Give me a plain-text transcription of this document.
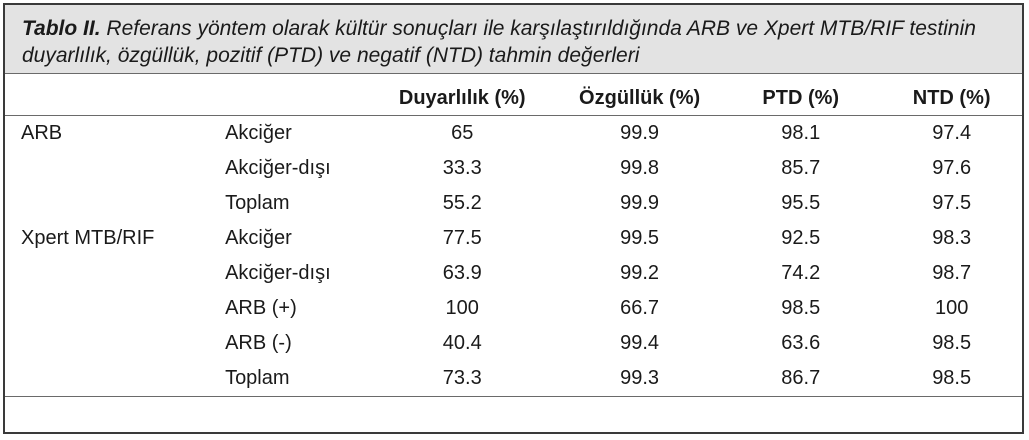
Tablo II. Referans yöntem olarak kültür sonuçları ile karşılaştırıldığında ARB ve Xpert MTB/RIF testinin duyarlılık, özgüllük, pozitif (PTD) ve negatif (NTD) tahmin değerleri
		Duyarlılık (%)	Özgüllük (%)	PTD (%)	NTD (%)
ARB	Akciğer	65	99.9	98.1	97.4
	Akciğer-dışı	33.3	99.8	85.7	97.6
	Toplam	55.2	99.9	95.5	97.5
Xpert MTB/RIF	Akciğer	77.5	99.5	92.5	98.3
	Akciğer-dışı	63.9	99.2	74.2	98.7
	ARB (+)	100	66.7	98.5	100
	ARB (-)	40.4	99.4	63.6	98.5
	Toplam	73.3	99.3	86.7	98.5
